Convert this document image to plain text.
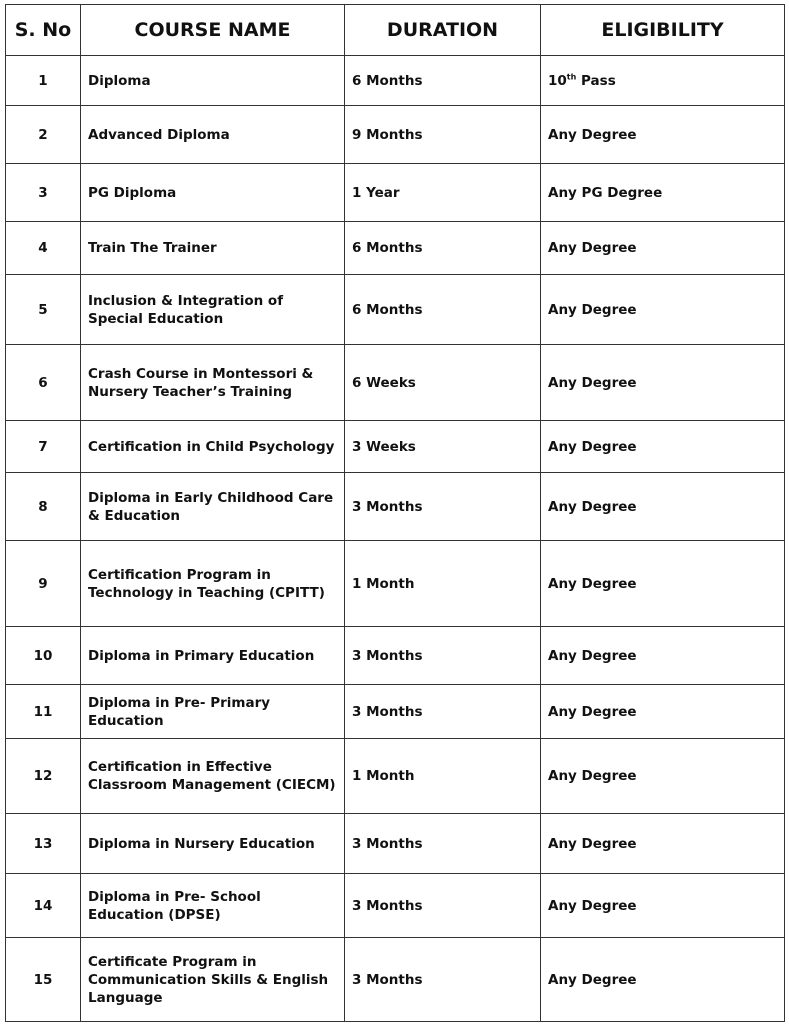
S. No	COURSE NAME	DURATION	ELIGIBILITY
1	Diploma	6 Months	10th Pass
2	Advanced Diploma	9 Months	Any Degree
3	PG Diploma	1 Year	Any PG Degree
4	Train The Trainer	6 Months	Any Degree
5	Inclusion & Integration of Special Education	6 Months	Any Degree
6	Crash Course in Montessori & Nursery Teacher’s Training	6 Weeks	Any Degree
7	Certification in Child Psychology	3 Weeks	Any Degree
8	Diploma in Early Childhood Care & Education	3 Months	Any Degree
9	Certification Program in Technology in Teaching (CPITT)	1 Month	Any Degree
10	Diploma in Primary Education	3 Months	Any Degree
11	Diploma in Pre- Primary Education	3 Months	Any Degree
12	Certification in Effective Classroom Management (CIECM)	1 Month	Any Degree
13	Diploma in Nursery Education	3 Months	Any Degree
14	Diploma in Pre- School Education (DPSE)	3 Months	Any Degree
15	Certificate Program in Communication Skills & English Language	3 Months	Any Degree
